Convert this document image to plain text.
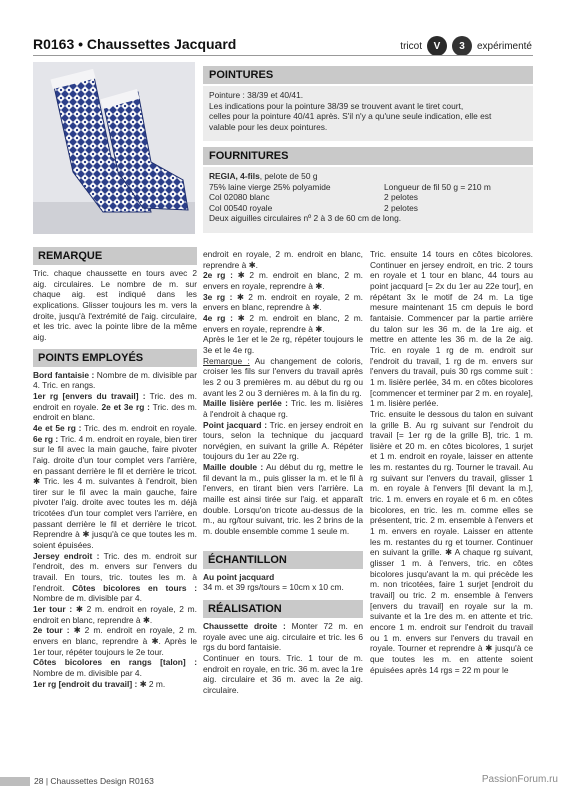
R0163 • Chaussettes Jacquard	tricot	V	3	expérimenté
POINTURES
Pointure : 38/39 et 40/41.
Les indications pour la pointure 38/39 se trouvent avant le tiret court,
celles pour la pointure 40/41 après. S'il n'y a qu'une seule indication, elle est
valable pour les deux pointures.
FOURNITURES
REGIA, 4-fils, pelote de 50 g
75% laine vierge 25% polyamide	Longueur de fil 50 g = 210 m
Col 02080 blanc	2 pelotes
Col 00540 royale	2 pelotes
Deux aiguilles circulaires nº 2 à 3 de 60 cm de long.
REMARQUE

Tric. chaque chaussette en tours avec 2 aig. circulaires. Le nombre de m. sur chaque aig. est indiqué dans les explications. Glisser toujours les m. vers la droite, jusqu'à l'extrémité de l'aig. circulaire, et les tric. avec la pointe libre de la même aig.

POINTS EMPLOYÉS

Bord fantaisie : Nombre de m. divisible par 4. Tric. en rangs.

1er rg [envers du travail] : Tric. des m. endroit en royale. 2e et 3e rg : Tric. des m. endroit en blanc.

4e et 5e rg : Tric. des m. endroit en royale. 6e rg : Tric. 4 m. endroit en royale, bien tirer sur le fil avec la main gauche, faire pivoter l'aig. droite d'un tour complet vers l'arrière, en passant derrière le fil et derrière le tricot. ✱ Tric. les 4 m. suivantes à l'endroit, bien tirer sur le fil avec la main gauche, faire pivoter l'aig. droite avec toutes les m. déjà tricotées d'un tour complet vers l'arrière, en passant derrière le fil et derrière le tricot. Reprendre à ✱ jusqu'à ce que toutes les m. soient épuisées.

Jersey endroit : Tric. des m. endroit sur l'endroit, des m. envers sur l'envers du travail. En tours, tric. toutes les m. à l'endroit. Côtes bicolores en tours : Nombre de m. divisible par 4.

1er tour : ✱ 2 m. endroit en royale, 2 m. endroit en blanc, reprendre à ✱.

2e tour : ✱ 2 m. endroit en royale, 2 m. envers en blanc, reprendre à ✱. Après le 1er tour, répéter toujours le 2e tour.

Côtes bicolores en rangs [talon] : Nombre de m. divisible par 4.

1er rg [endroit du travail] : ✱ 2 m.

endroit en royale, 2 m. endroit en blanc, reprendre à ✱.

2e rg : ✱ 2 m. endroit en blanc, 2 m. envers en royale, reprendre à ✱.

3e rg : ✱ 2 m. endroit en royale, 2 m. envers en blanc, reprendre à ✱.

4e rg : ✱ 2 m. endroit en blanc, 2 m. envers en royale, reprendre à ✱.

Après le 1er et le 2e rg, répéter toujours le 3e et le 4e rg.

Remarque : Au changement de coloris, croiser les fils sur l'envers du travail après les 2 ou 3 premières m. au début du rg ou avant les 2 ou 3 dernières m. à la fin du rg.

Maille lisière perlée : Tric. les m. lisières à l'endroit à chaque rg.

Point jacquard : Tric. en jersey endroit en tours, selon la technique du jacquard norvégien, en suivant la grille A. Répéter toujours du 1er au 22e rg.

Maille double : Au début du rg, mettre le fil devant la m., puis glisser la m. et le fil à l'envers, en tirant bien vers l'arrière. La maille est ainsi tirée sur l'aig. et apparaît double. Lorsqu'on tricote au-dessus de la m., au rg/tour suivant, tric. les 2 brins de la m. double ensemble comme 1 seule m.

ÉCHANTILLON

Au point jacquard

34 m. et 39 rgs/tours = 10cm x 10 cm.

RÉALISATION

Chaussette droite : Monter 72 m. en royale avec une aig. circulaire et tric. les 6 rgs du bord fantaisie.

Continuer en tours. Tric. 1 tour de m. endroit en royale, en tric. 36 m. avec la 1re aig. circulaire et 36 m. avec la 2e aig. circulaire.

Tric. ensuite 14 tours en côtes bicolores. Continuer en jersey endroit, en tric. 2 tours en royale et 1 tour en blanc, 44 tours au point jacquard [= 2x du 1er au 22e tour], en répétant 3x le motif de 24 m. La tige mesure maintenant 15 cm depuis le bord fantaisie. Commencer par la partie arrière du talon sur les 36 m. de la 1re aig. et mettre en attente les 36 m. de la 2e aig. Tric. en royale 1 rg de m. endroit sur l'endroit du travail, 1 rg de m. envers sur l'envers du travail, puis 30 rgs comme suit : 1 m. lisière perlée, 34 m. en côtes bicolores [commencer et terminer par 2 m. en royale], 1 m. lisière perlée.

Tric. ensuite le dessous du talon en suivant la grille B. Au rg suivant sur l'endroit du travail [= 1er rg de la grille B], tric. 1 m. lisière et 20 m. en côtes bicolores, 1 surjet et 1 m. endroit en royale, laisser en attente les m. restantes du rg. Tourner le travail. Au rg suivant sur l'envers du travail, glisser 1 m. en royale à l'envers [fil devant la m.], tric. 1 m. envers en royale et 6 m. en côtes bicolores, en tric. les m. comme elles se présentent, tric. 2 m. ensemble à l'envers et 1 m. envers en royale. Laisser en attente les m. restantes du rg et tourner. Continuer en suivant la grille. ✱ A chaque rg suivant, glisser 1 m. à l'envers, tric. en côtes bicolores jusqu'avant la m. qui précède les m. non tricotées, faire 1 surjet [endroit du travail] ou tric. 2 m. ensemble à l'envers [envers du travail] en royale sur la m. suivante et la 1re des m. en attente et tric. encore 1 m. endroit sur l'endroit du travail ou 1 m. envers sur l'envers du travail en royale. Tourner et reprendre à ✱ jusqu'à ce que toutes les m. en attente soient épuisées après 14 rgs = 22 m pour le

28 | Chaussettes Design R0163	PassionForum.ru
